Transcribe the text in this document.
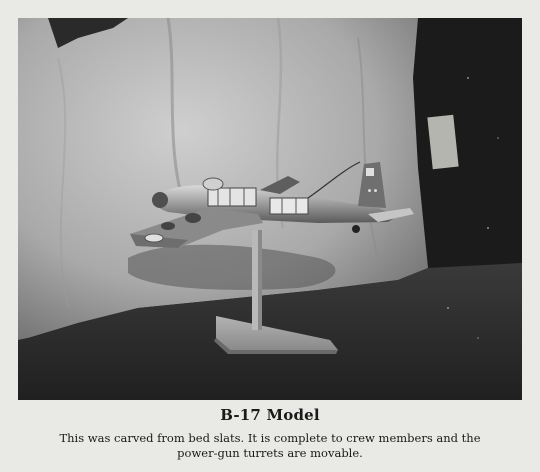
● ●
B-17 Model
This was carved from bed slats. It is complete to crew members and the power-gun turrets are movable.
